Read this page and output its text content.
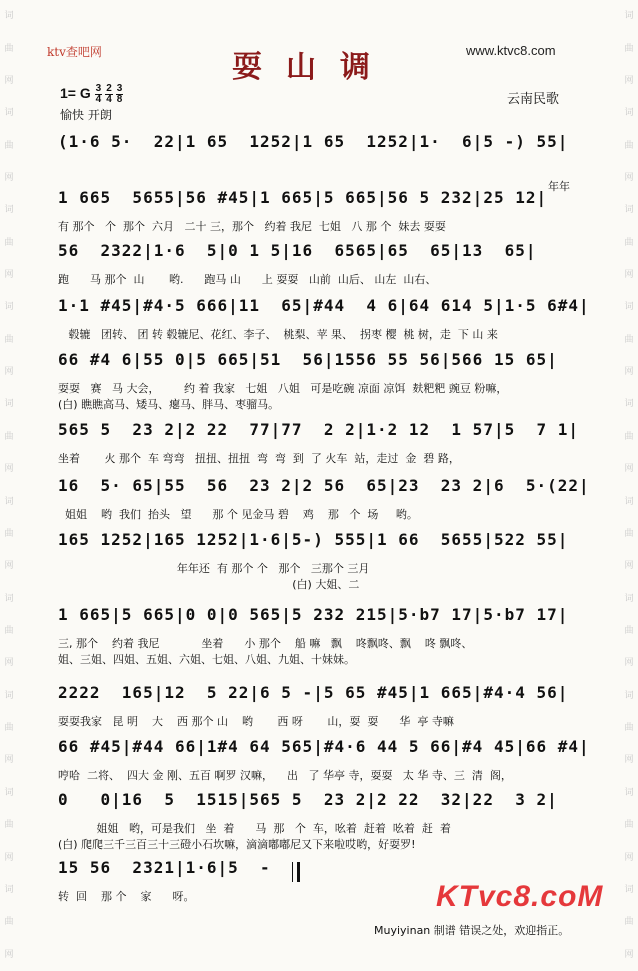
词
曲
网
词
曲
网
词
曲
网
词
曲
网
词
曲
网
词
曲
网
词
曲
网
词
曲
网
词
曲
网
词
曲
网
词
曲
网
词
曲
网
词
曲
网
词
曲
网
词
曲
网
词
曲
网
词
曲
网
词
曲
网
词
曲
网
词
曲
网
ktv查吧网	www.ktvc8.com
耍山调
1= G $\frac{3}{4} \frac{2}{4} \frac{3}{8}$
愉快 开朗
云南民歌
(1·6 5·  22|1 65  1252|1 65  1252|1·  6|5 -) 55|
年年
1 665  5655|56 #45|1 665|5 665|56 5 232|25 12|
有 那个   个  那个  六月   二十 三，那个   约着 我尼  七姐   八 那 个  妹去 耍耍
56  2322|1·6  5|0 1 5|16  6565|65  65|13  65|
跑      马 那个  山       哟.      跑马 山      上 耍耍   山前  山后、 山左  山右、
1·1 #45|#4·5 666|11  65|#44  4 6|64 614 5|1·5 6#4|
毂辘   团转、 团 转 毂辘尼、花红、李子、  桃梨、苹 果、  拐枣 樱  桃 树，走  下 山 来
66 #4 6|55 0|5 665|51  56|1556 55 56|566 15 65|
耍耍   赛   马 大会，       约 着 我家   七姐   八姐   可是吃碗 凉面 凉饵  麸粑粑 豌豆 粉嘛，
(白) 瞧瞧高马、矮马、瘪马、胖马、枣骝马。
565 5  23 2|2 22  77|77  2 2|1·2 12  1 57|5  7 1|
坐着       火 那个  车 弯弯   扭扭、扭扭  弯  弯  到  了 火车  站，走过  金  碧 路，
16  5· 65|55  56  23 2|2 56  65|23  23 2|6  5·(22|
姐姐    哟  我们  抬头   望      那 个 见金马 碧    鸡    那   个  场     哟。
165 1252|165 1252|1·6|5-) 555|1 66  5655|522 55|
年年还  有 那个 个   那个   三那个 三月
(白) 大姐、二
1 665|5 665|0 0|0 565|5 232 215|5·b7 17|5·b7 17|
三, 那个    约着 我尼            坐着      小 那个    船 嘛   飘    咚飘咚、飘    咚 飘咚、
姐、三姐、四姐、五姐、六姐、七姐、八姐、九姐、十妹妹。
2222  165|12  5 22|6 5 -|5 65 #45|1 665|#4·4 56|
耍耍我家   昆 明    大    西 那个 山    哟       西 呀       山，耍  耍      华  亭 寺嘛
66 #45|#44 66|1#4 64 565|#4·6 44 5 66|#4 45|66 #4|
哼哈  二将、  四大 金 刚、五百 啊罗 汉嘛，    出   了 华亭 寺，耍耍   太 华 寺、三  清  阁，
0   0|16  5  1515|565 5  23 2|2 22  32|22  3 2|
姐姐   哟，可是我们   坐  着      马  那   个  车，吆着  赶着  吆着  赶  着
(白) 爬爬三千三百三十三磴小石坎嘛，滴滴嘟嘟尼又下来啦哎哟，好耍罗!
15 56  2321|1·6|5  -
转  回    那 个    家      呀。	KTvc8.coM
Muyiyinan 制谱 错误之处，欢迎指正。
